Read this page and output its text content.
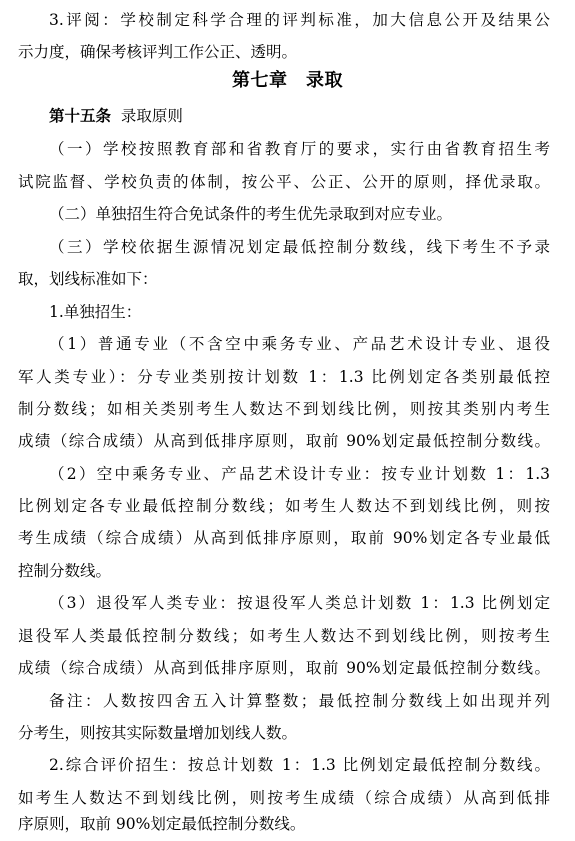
3.评阅：学校制定科学合理的评判标准，加大信息公开及结果公
示力度，确保考核评判工作公正、透明。
第七章　录取
第十五条 录取原则
（一）学校按照教育部和省教育厅的要求，实行由省教育招生考
试院监督、学校负责的体制，按公平、公正、公开的原则，择优录取。
（二）单独招生符合免试条件的考生优先录取到对应专业。
（三）学校依据生源情况划定最低控制分数线，线下考生不予录
取，划线标准如下：
1.单独招生：
（1）普通专业（不含空中乘务专业、产品艺术设计专业、退役
军人类专业）：分专业类别按计划数 1：1.3 比例划定各类别最低控
制分数线；如相关类别考生人数达不到划线比例，则按其类别内考生
成绩（综合成绩）从高到低排序原则，取前 90%划定最低控制分数线。
（2）空中乘务专业、产品艺术设计专业：按专业计划数 1：1.3
比例划定各专业最低控制分数线；如考生人数达不到划线比例，则按
考生成绩（综合成绩）从高到低排序原则，取前 90%划定各专业最低
控制分数线。
（3）退役军人类专业：按退役军人类总计划数 1：1.3 比例划定
退役军人类最低控制分数线；如考生人数达不到划线比例，则按考生
成绩（综合成绩）从高到低排序原则，取前 90%划定最低控制分数线。
备注：人数按四舍五入计算整数；最低控制分数线上如出现并列
分考生，则按其实际数量增加划线人数。
2.综合评价招生：按总计划数 1：1.3 比例划定最低控制分数线。
如考生人数达不到划线比例，则按考生成绩（综合成绩）从高到低排
序原则，取前 90%划定最低控制分数线。
